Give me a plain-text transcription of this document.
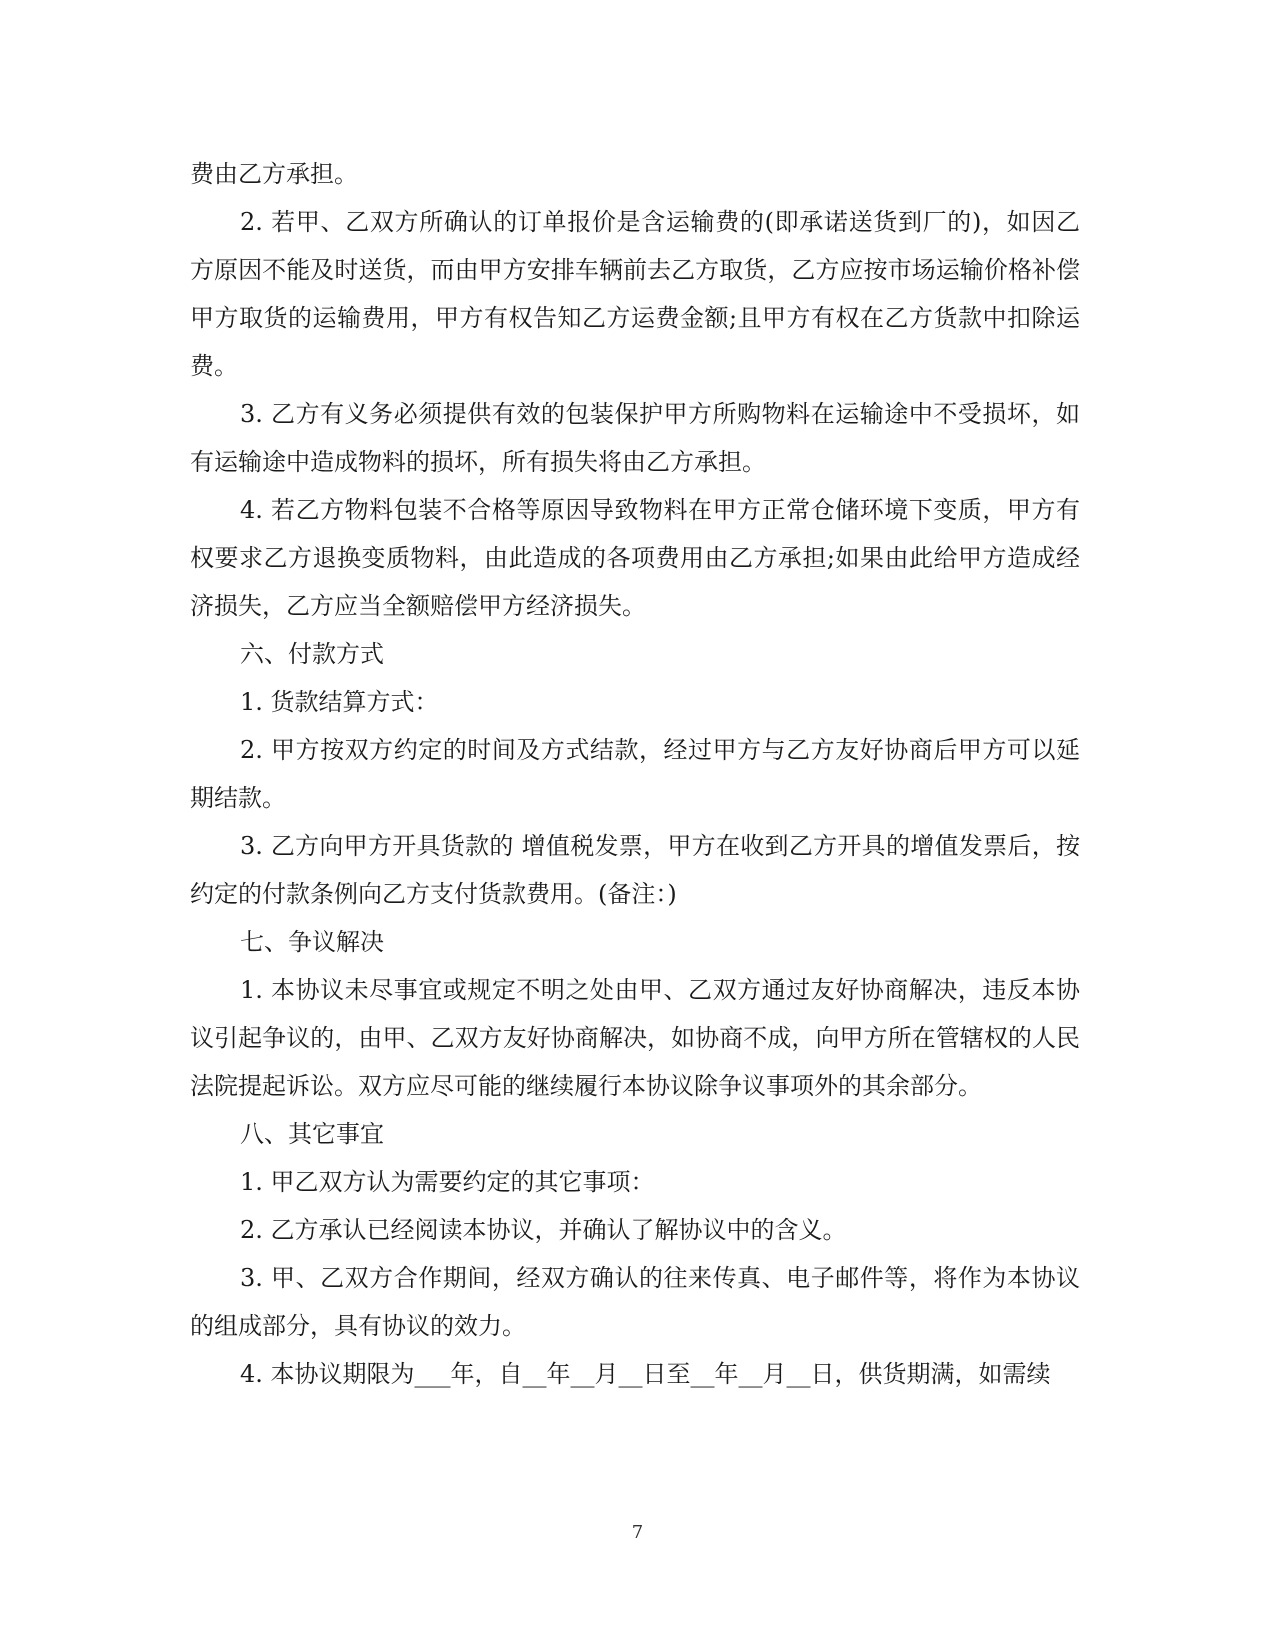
费由乙方承担。

2. 若甲、乙双方所确认的订单报价是含运输费的(即承诺送货到厂的)，如因乙方原因不能及时送货，而由甲方安排车辆前去乙方取货，乙方应按市场运输价格补偿甲方取货的运输费用，甲方有权告知乙方运费金额;且甲方有权在乙方货款中扣除运费。

3. 乙方有义务必须提供有效的包装保护甲方所购物料在运输途中不受损坏，如有运输途中造成物料的损坏，所有损失将由乙方承担。

4. 若乙方物料包装不合格等原因导致物料在甲方正常仓储环境下变质，甲方有权要求乙方退换变质物料，由此造成的各项费用由乙方承担;如果由此给甲方造成经济损失，乙方应当全额赔偿甲方经济损失。

六、付款方式

1. 货款结算方式：

2. 甲方按双方约定的时间及方式结款，经过甲方与乙方友好协商后甲方可以延期结款。

3. 乙方向甲方开具货款的 增值税发票，甲方在收到乙方开具的增值发票后，按约定的付款条例向乙方支付货款费用。(备注：)

七、争议解决

1. 本协议未尽事宜或规定不明之处由甲、乙双方通过友好协商解决，违反本协议引起争议的，由甲、乙双方友好协商解决，如协商不成，向甲方所在管辖权的人民法院提起诉讼。双方应尽可能的继续履行本协议除争议事项外的其余部分。

八、其它事宜

1. 甲乙双方认为需要约定的其它事项：

2. 乙方承认已经阅读本协议，并确认了解协议中的含义。

3. 甲、乙双方合作期间，经双方确认的往来传真、电子邮件等，将作为本协议的组成部分，具有协议的效力。

4. 本协议期限为___年，自__年__月__日至__年__月__日，供货期满，如需续

7
